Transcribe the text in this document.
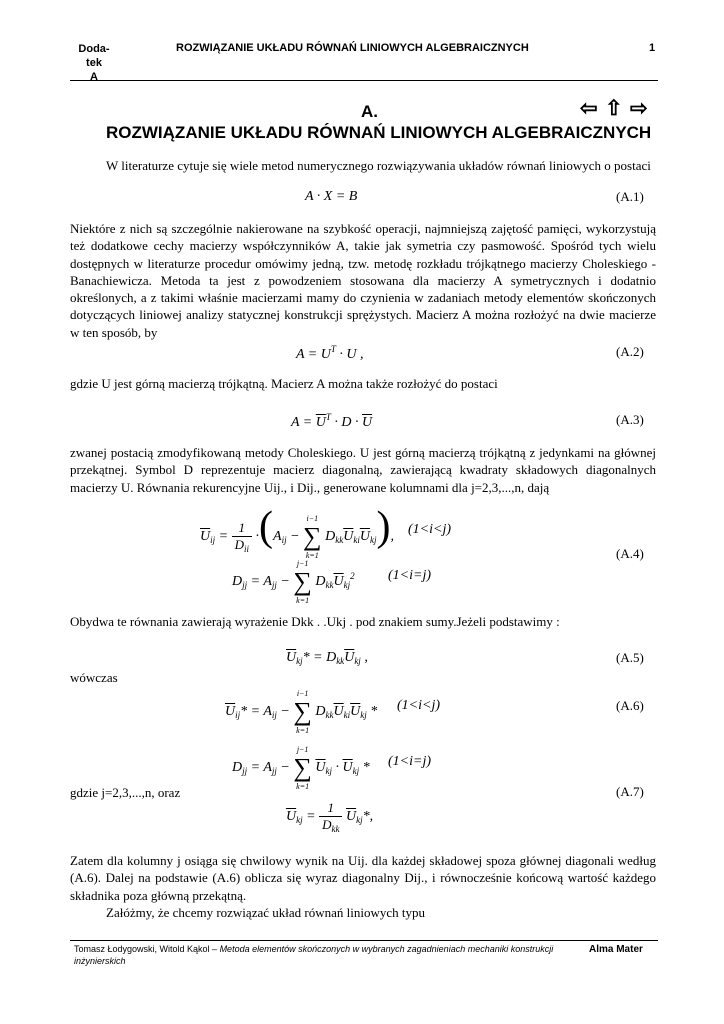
Doda-
tek
A
ROZWIĄZANIE UKŁADU RÓWNAŃ LINIOWYCH ALGEBRAICZNYCH	1
A.	⇦ ⇧ ⇨
ROZWIĄZANIE UKŁADU RÓWNAŃ LINIOWYCH ALGEBRAICZNYCH
W literaturze cytuje się wiele metod numerycznego rozwiązywania układów równań liniowych o postaci
A · X = B	(A.1)
Niektóre z nich są szczególnie nakierowane na szybkość operacji, najmniejszą zajętość pamięci, wykorzystują też dodatkowe cechy macierzy współczynników A, takie jak symetria czy pasmowość. Spośród tych wielu dostępnych w literaturze procedur omówimy jedną, tzw. metodę rozkładu trójkątnego macierzy Choleskiego - Banachiewicza. Metoda ta jest z powodzeniem stosowana dla macierzy A symetrycznych i dodatnio określonych, a z takimi właśnie macierzami mamy do czynienia w zadaniach metody elementów skończonych dotyczących liniowej analizy statycznej konstrukcji sprężystych. Macierz A można rozłożyć na dwie macierze w ten sposób, by
$A = U^T \cdot U$ ,	(A.2)
gdzie U jest górną macierzą trójkątną. Macierz A można także rozłożyć do postaci
$A = \overline{U}^T \cdot D \cdot \overline{U}$	(A.3)
zwanej postacią zmodyfikowaną metody Choleskiego. U jest górną macierzą trójkątną z jedynkami na głównej przekątnej. Symbol D reprezentuje macierz diagonalną, zawierającą kwadraty składowych diagonalnych macierzy U. Równania rekurencyjne Uij., i Dij., generowane kolumnami dla j=2,3,...,n, dają
$\overline{U}_{ij} = \frac{1}{D_{ii}} \cdot(A_{ij} - i-1$
∑
k=1 $D_{kk}\overline{U}_{ki}\overline{U}_{kj}$), (1<i<j)
$D_{jj} = A_{jj} - j-1$
∑
k=1 $D_{kk}\overline{U}_{kj}^2$ (1<i=j)
(A.4)
Obydwa te równania zawierają wyrażenie Dkk . .Ukj . pod znakiem sumy.Jeżeli podstawimy :
$\overline{U}_{kj}* = D_{kk}\overline{U}_{kj}$ ,	(A.5)
wówczas
$\overline{U}_{ij}* = A_{ij} - i-1$
∑
k=1 $D_{kk}\overline{U}_{ki}\overline{U}_{kj} * (1<i<j)$	(A.6)
$D_{jj} = A_{jj} - j-1$
∑
k=1 $\overline{U}_{kj} \cdot \overline{U}_{kj} * (1<i=j)$
gdzie j=2,3,...,n, oraz	(A.7)
$\overline{U}_{kj} = \frac{1}{D_{kk}} \overline{U}_{kj}*$,
Zatem dla kolumny j osiąga się chwilowy wynik na Uij. dla każdej składowej spoza głównej diagonali według (A.6). Dalej na podstawie (A.6) oblicza się wyraz diagonalny Dij., i równocześnie końcową wartość każdego składnika poza główną przekątną.
Załóżmy, że chcemy rozwiązać układ równań liniowych typu
Tomasz Łodygowski, Witold Kąkol – Metoda elementów skończonych w wybranych zagadnieniach mechaniki konstrukcji inżynierskich
Alma Mater
